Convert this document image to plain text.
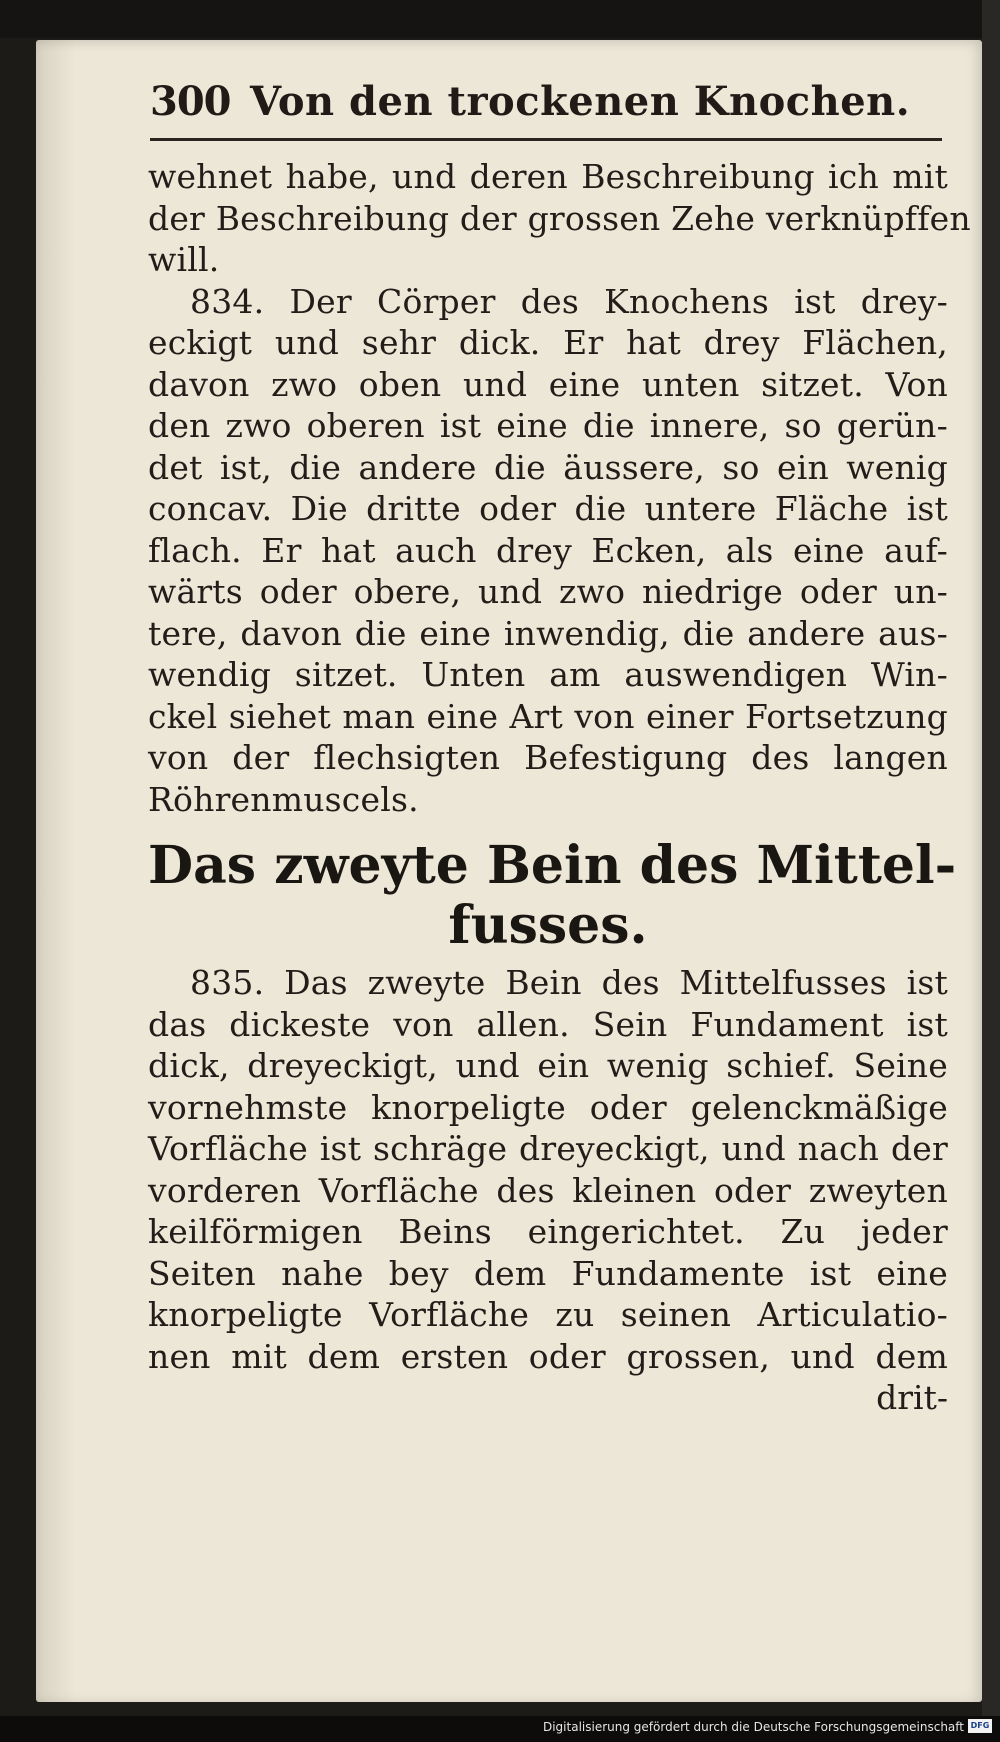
300 Von den trockenen Knochen.
wehnet habe, und deren Beschreibung ich mit
der Beschreibung der grossen Zehe verknüpffen
will.
834. Der Cörper des Knochens ist drey-
eckigt und sehr dick. Er hat drey Flächen,
davon zwo oben und eine unten sitzet. Von
den zwo oberen ist eine die innere, so gerün-
det ist, die andere die äussere, so ein wenig
concav. Die dritte oder die untere Fläche ist
flach. Er hat auch drey Ecken, als eine auf-
wärts oder obere, und zwo niedrige oder un-
tere, davon die eine inwendig, die andere aus-
wendig sitzet. Unten am auswendigen Win-
ckel siehet man eine Art von einer Fortsetzung
von der flechsigten Befestigung des langen
Röhrenmuscels.
Das zweyte Bein des Mittel-
fusses.
835. Das zweyte Bein des Mittelfusses ist
das dickeste von allen. Sein Fundament ist
dick, dreyeckigt, und ein wenig schief. Seine
vornehmste knorpeligte oder gelenckmäßige
Vorfläche ist schräge dreyeckigt, und nach der
vorderen Vorfläche des kleinen oder zweyten
keilförmigen Beins eingerichtet. Zu jeder
Seiten nahe bey dem Fundamente ist eine
knorpeligte Vorfläche zu seinen Articulatio-
nen mit dem ersten oder grossen, und dem
drit-
Digitalisierung gefördert durch die Deutsche Forschungsgemeinschaft DFG
